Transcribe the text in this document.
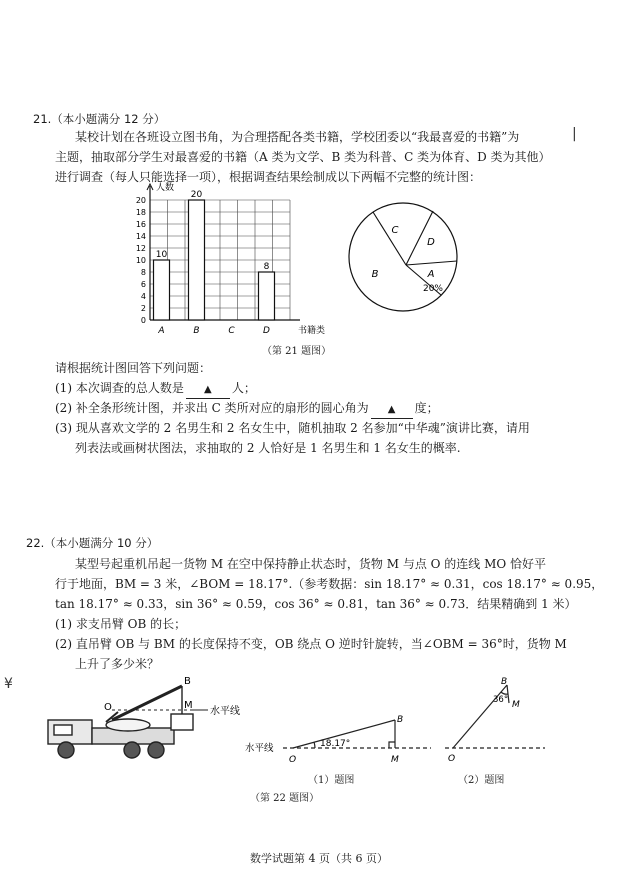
21.（本小题满分 12 分）
某校计划在各班设立图书角，为合理搭配各类书籍，学校团委以“我最喜爱的书籍”为
主题，抽取部分学生对最喜爱的书籍（A 类为文学、B 类为科普、C 类为体育、D 类为其他）
进行调查（每人只能选择一项），根据调查结果绘制成以下两幅不完整的统计图：
|
0
2
4
6
8
10
12
14
16
18
20
人数
书籍类
10
A
20
B	C
8
D
A
B
C
D
20%
（第 21 题图）
请根据统计图回答下列问题：
(1) 本次调查的总人数是 ▲ 人；
(2) 补全条形统计图，并求出 C 类所对应的扇形的圆心角为 ▲ 度；
(3) 现从喜欢文学的 2 名男生和 2 名女生中，随机抽取 2 名参加“中华魂”演讲比赛，请用
列表法或画树状图法，求抽取的 2 人恰好是 1 名男生和 1 名女生的概率.
22.（本小题满分 10 分）
某型号起重机吊起一货物 M 在空中保持静止状态时，货物 M 与点 O 的连线 MO 恰好平
行于地面，BM = 3 米，∠BOM = 18.17°.（参考数据：sin 18.17° ≈ 0.31，cos 18.17° ≈ 0.95，
tan 18.17° ≈ 0.33，sin 36° ≈ 0.59，cos 36° ≈ 0.81，tan 36° ≈ 0.73．结果精确到 1 米）
(1) 求支吊臂 OB 的长；
(2) 直吊臂 OB 与 BM 的长度保持不变，OB 绕点 O 逆时针旋转，当∠OBM = 36°时，货物 M
上升了多少米？
¥
O
B
M
水平线
水平线
O
B
M
18.17°
B
M
O
36°
（1）题图	（2）题图
（第 22 题图）
数学试题第 4 页（共 6 页）
